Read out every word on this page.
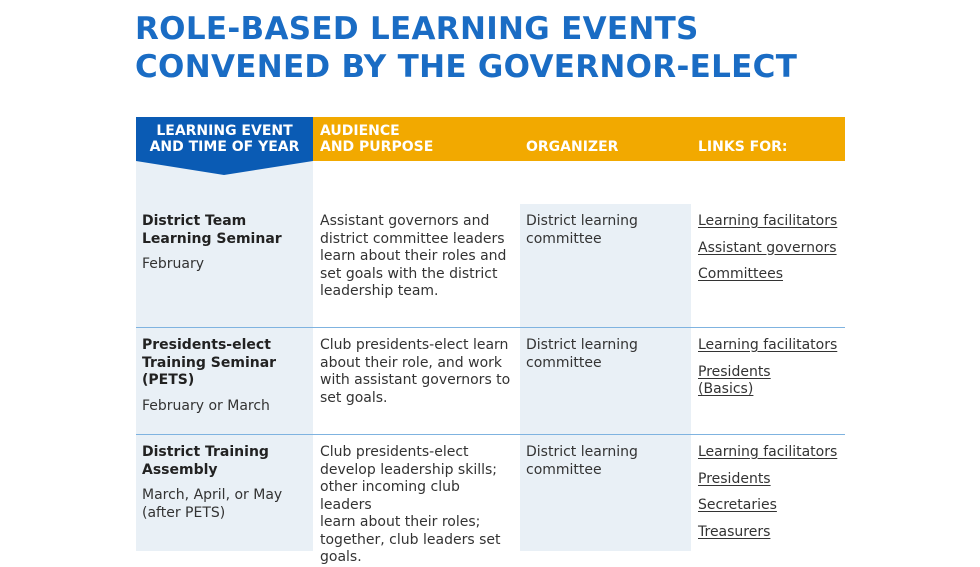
ROLE-BASED LEARNING EVENTS
CONVENED BY THE GOVERNOR-ELECT
LEARNING EVENT
AND TIME OF YEAR
AUDIENCE
AND PURPOSE	ORGANIZER	LINKS FOR:
District Team
Learning Seminar
February
Assistant governors and
district committee leaders
learn about their roles and
set goals with the district
leadership team.
District learning
committee
Learning facilitators
Assistant governors
Committees
Presidents-elect
Training Seminar
(PETS)
February or March
Club presidents-elect learn
about their role, and work
with assistant governors to
set goals.
District learning
committee
Learning facilitators
Presidents
(Basics)
District Training
Assembly
March, April, or May
(after PETS)
Club presidents-elect
develop leadership skills;
other incoming club leaders
learn about their roles;
together, club leaders set
goals.
District learning
committee
Learning facilitators
Presidents
Secretaries
Treasurers
